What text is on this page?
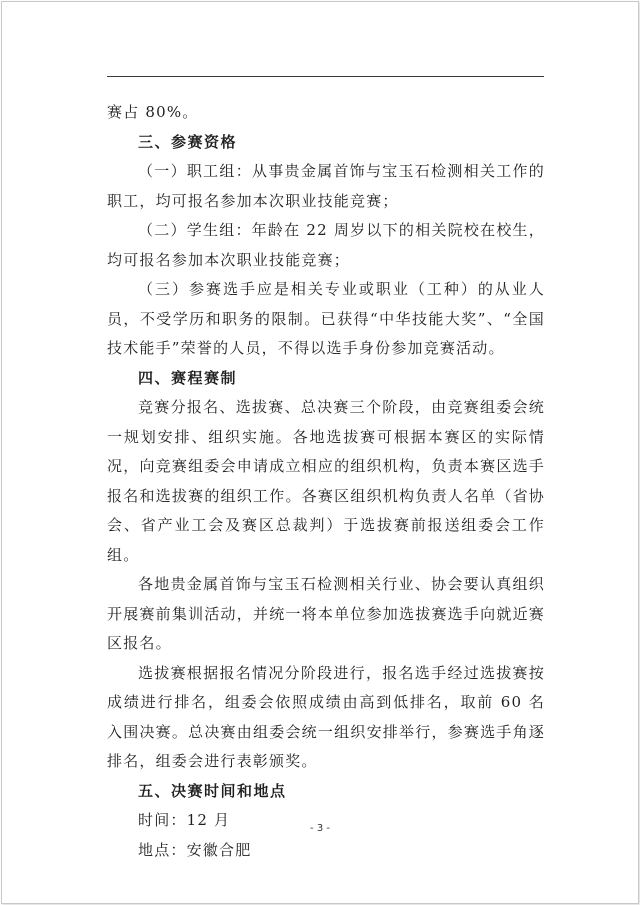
赛占 80%。

三、参赛资格

（一）职工组：从事贵金属首饰与宝玉石检测相关工作的职工，均可报名参加本次职业技能竞赛；

（二）学生组：年龄在 22 周岁以下的相关院校在校生，均可报名参加本次职业技能竞赛；

（三）参赛选手应是相关专业或职业（工种）的从业人员，不受学历和职务的限制。已获得“中华技能大奖”、“全国技术能手”荣誉的人员，不得以选手身份参加竞赛活动。

四、赛程赛制

竞赛分报名、选拔赛、总决赛三个阶段，由竞赛组委会统一规划安排、组织实施。各地选拔赛可根据本赛区的实际情况，向竞赛组委会申请成立相应的组织机构，负责本赛区选手报名和选拔赛的组织工作。各赛区组织机构负责人名单（省协会、省产业工会及赛区总裁判）于选拔赛前报送组委会工作组。

各地贵金属首饰与宝玉石检测相关行业、协会要认真组织开展赛前集训活动，并统一将本单位参加选拔赛选手向就近赛区报名。

选拔赛根据报名情况分阶段进行，报名选手经过选拔赛按成绩进行排名，组委会依照成绩由高到低排名，取前 60 名入围决赛。总决赛由组委会统一组织安排举行，参赛选手角逐排名，组委会进行表彰颁奖。

五、决赛时间和地点

时间：12 月

地点：安徽合肥

- 3 -
